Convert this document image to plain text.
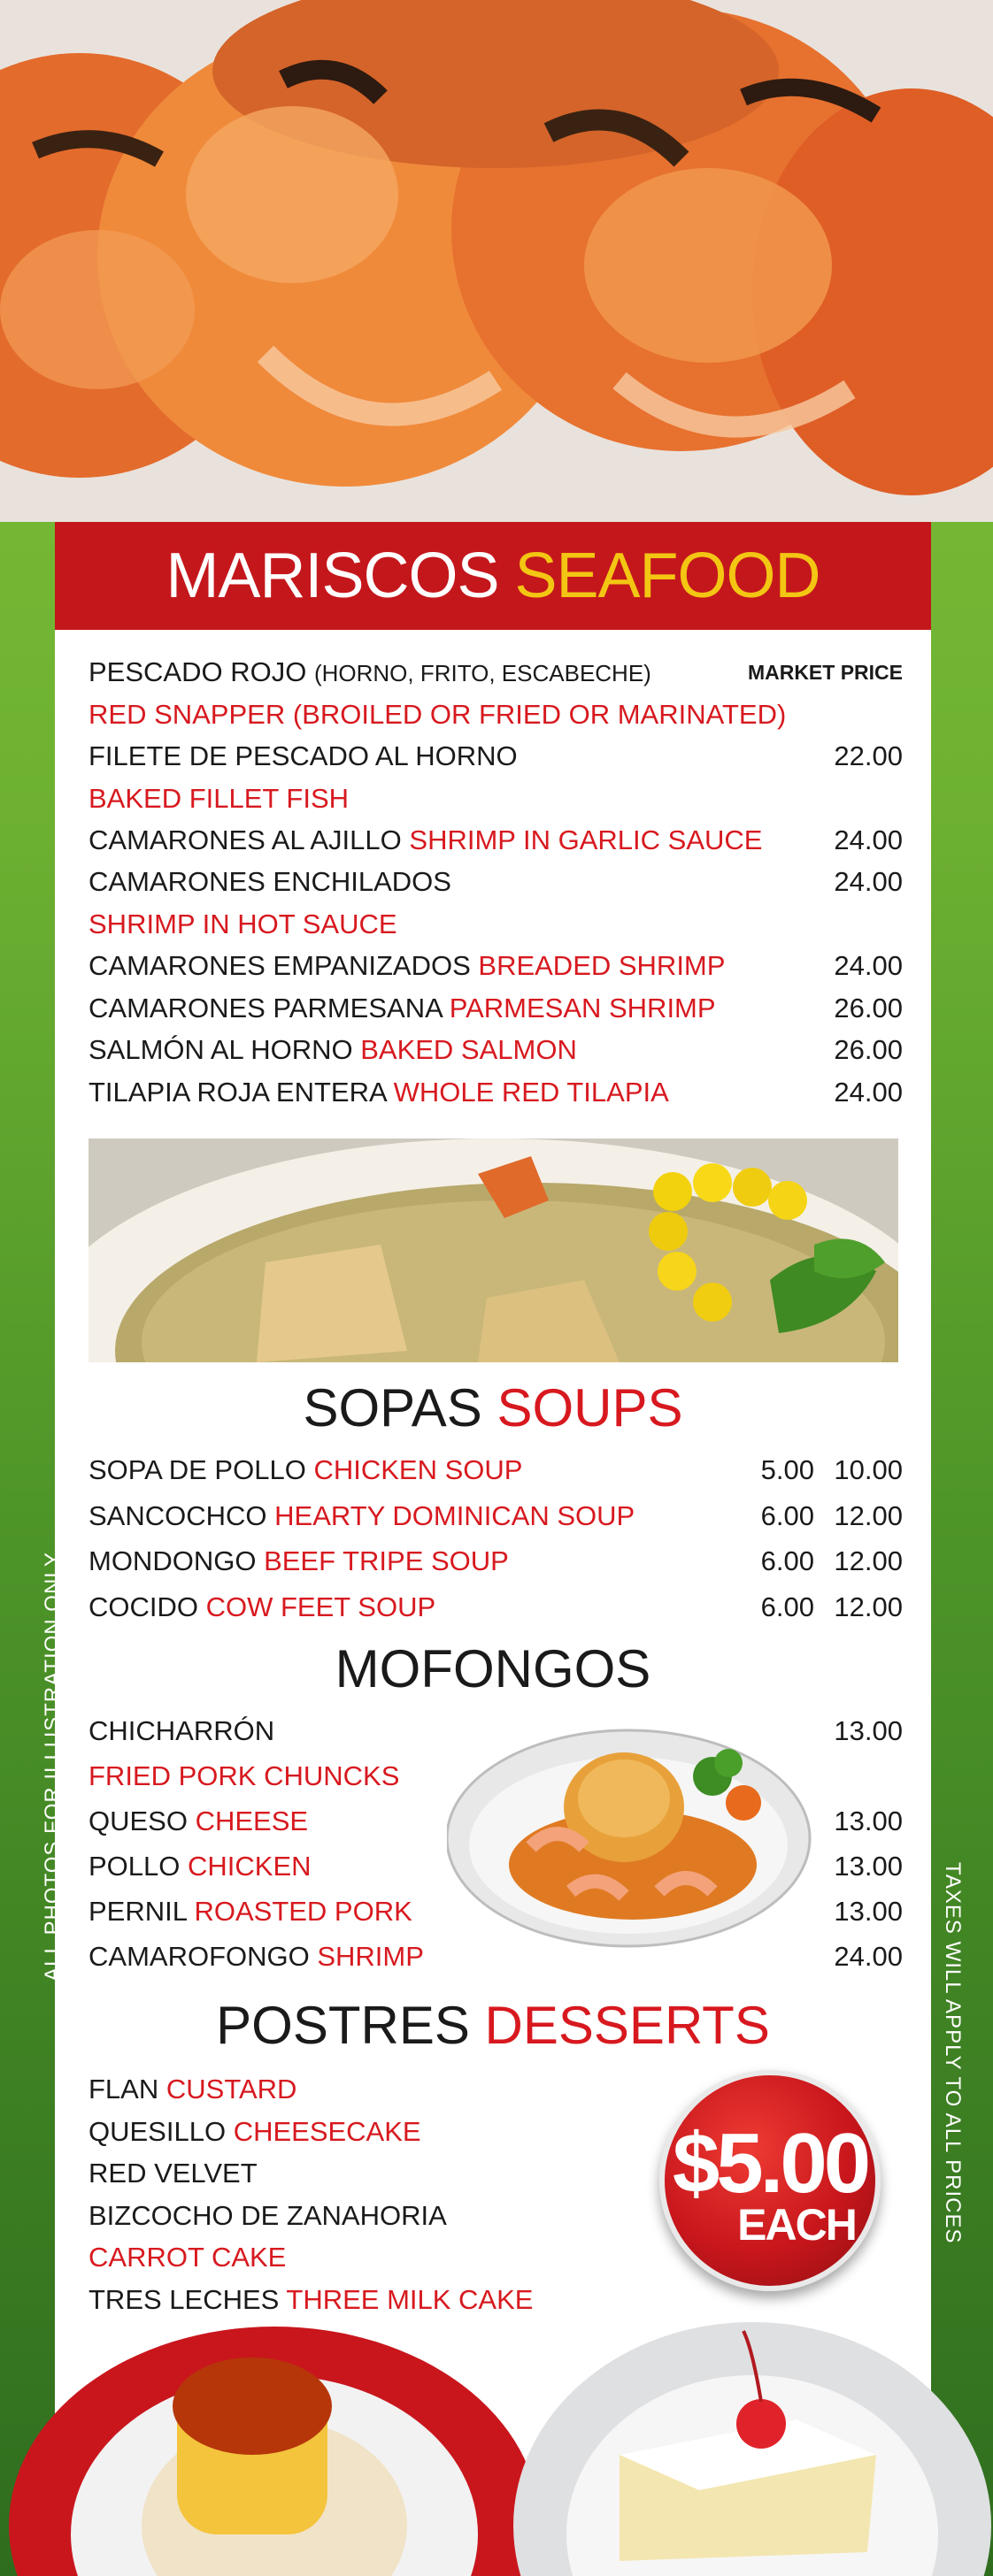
MARISCOS SEAFOOD
PESCADO ROJO (HORNO, FRITO, ESCABECHE)	MARKET PRICE
RED SNAPPER (BROILED OR FRIED OR MARINATED)
FILETE DE PESCADO AL HORNO	22.00
BAKED FILLET FISH
CAMARONES AL AJILLO SHRIMP IN GARLIC SAUCE	24.00
CAMARONES ENCHILADOS	24.00
SHRIMP IN HOT SAUCE
CAMARONES EMPANIZADOS BREADED SHRIMP	24.00
CAMARONES PARMESANA PARMESAN SHRIMP	26.00
SALMÓN AL HORNO BAKED SALMON	26.00
TILAPIA ROJA ENTERA WHOLE RED TILAPIA	24.00
SOPAS SOUPS
SOPA DE POLLO CHICKEN SOUP	5.00 10.00
SANCOCHCO HEARTY DOMINICAN SOUP	6.00 12.00
MONDONGO BEEF TRIPE SOUP	6.00 12.00
COCIDO COW FEET SOUP	6.00 12.00
MOFONGOS
CHICHARRÓN	13.00
FRIED PORK CHUNCKS
QUESO CHEESE	13.00
POLLO CHICKEN	13.00
PERNIL ROASTED PORK	13.00
CAMAROFONGO SHRIMP	24.00
POSTRES DESSERTS
FLAN CUSTARD
QUESILLO CHEESECAKE
RED VELVET
BIZCOCHO DE ZANAHORIA
CARROT CAKE
TRES LECHES THREE MILK CAKE
$5.00
EACH
ALL PHOTOS FOR ILLUSTRATION ONLY
TAXES WILL APPLY TO ALL PRICES
